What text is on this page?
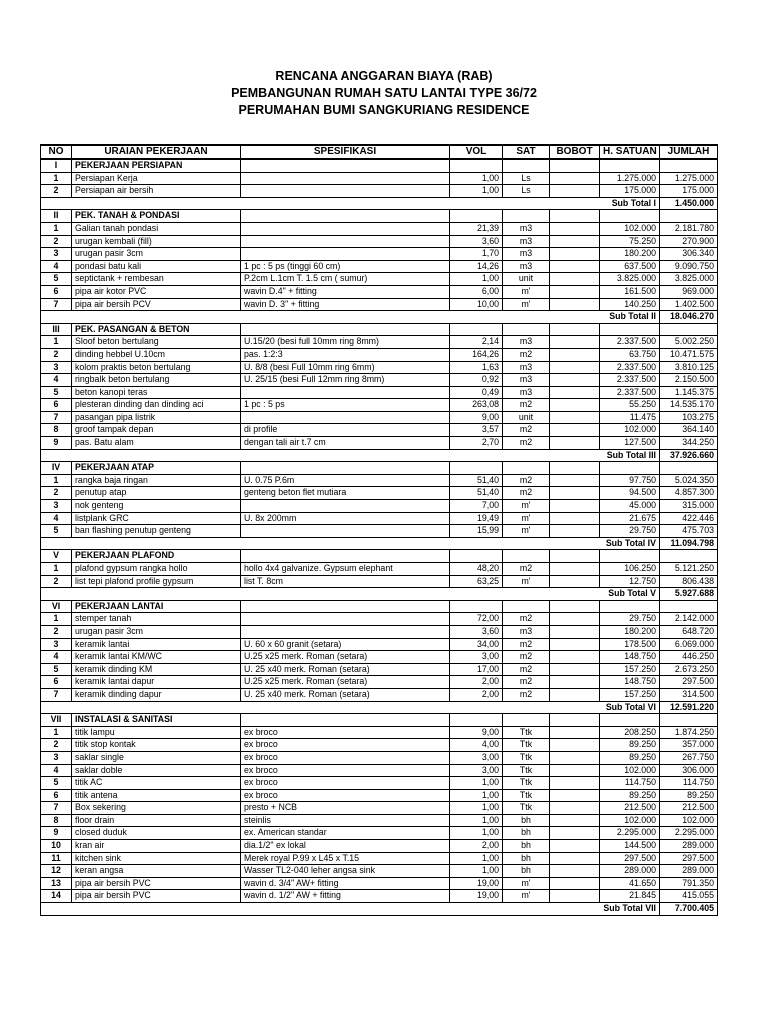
RENCANA ANGGARAN BIAYA (RAB)
PEMBANGUNAN RUMAH SATU LANTAI TYPE 36/72
PERUMAHAN BUMI SANGKURIANG RESIDENCE
NO	URAIAN PEKERJAAN	SPESIFIKASI	VOL	SAT	BOBOT	H. SATUAN	JUMLAH
I	PEKERJAAN PERSIAPAN						
1	Persiapan Kerja		1,00	Ls		1.275.000	1.275.000
2	Persiapan air bersih		1,00	Ls		175.000	175.000
						Sub Total I	1.450.000
II	PEK. TANAH & PONDASI						
1	Galian tanah pondasi		21,39	m3		102.000	2.181.780
2	urugan kembali (fill)		3,60	m3		75.250	270.900
3	urugan pasir 3cm		1,70	m3		180.200	306.340
4	pondasi batu kali	1 pc : 5 ps (tinggi 60 cm)	14,26	m3		637.500	9.090.750
5	septictank + rembesan	P.2cm L.1cm T. 1.5 cm ( sumur)	1,00	unit		3.825.000	3.825.000
6	pipa air kotor PVC	wavin D.4" + fitting	6,00	m'		161.500	969.000
7	pipa air bersih PCV	wavin D. 3" + fitting	10,00	m'		140.250	1.402.500
						Sub Total II	18.046.270
III	PEK. PASANGAN & BETON						
1	Sloof beton bertulang	U.15/20 (besi full 10mm ring 8mm)	2,14	m3		2.337.500	5.002.250
2	dinding hebbel U.10cm	pas. 1:2:3	164,26	m2		63.750	10.471.575
3	kolom praktis beton bertulang	U. 8/8 (besi Full 10mm ring 6mm)	1,63	m3		2.337.500	3.810.125
4	ringbalk beton bertulang	U. 25/15 (besi Full 12mm ring 8mm)	0,92	m3		2.337.500	2.150.500
5	beton kanopi teras		0,49	m3		2.337.500	1.145.375
6	plesteran dinding dan dinding aci	1 pc : 5 ps	263,08	m2		55.250	14.535.170
7	pasangan pipa listrik		9,00	unit		11.475	103.275
8	groof tampak depan	di profile	3,57	m2		102.000	364.140
9	pas. Batu alam	dengan tali air t.7 cm	2,70	m2		127.500	344.250
						Sub Total III	37.926.660
IV	PEKERJAAN ATAP						
1	rangka baja ringan	U. 0.75 P.6m	51,40	m2		97.750	5.024.350
2	penutup atap	genteng beton flet mutiara	51,40	m2		94.500	4.857.300
3	nok genteng		7,00	m'		45.000	315.000
4	listplank GRC	U. 8x 200mm	19,49	m'		21.675	422.446
5	ban flashing penutup genteng		15,99	m'		29.750	475.703
						Sub Total IV	11.094.798
V	PEKERJAAN PLAFOND						
1	plafond gypsum rangka hollo	hollo 4x4 galvanize. Gypsum elephant	48,20	m2		106.250	5.121.250
2	list tepi plafond profile gypsum	list T. 8cm	63,25	m'		12.750	806.438
						Sub Total V	5.927.688
VI	PEKERJAAN LANTAI						
1	stemper tanah		72,00	m2		29.750	2.142.000
2	urugan pasir 3cm		3,60	m3		180.200	648.720
3	keramik lantai	U. 60 x 60 granit (setara)	34,00	m2		178.500	6.069.000
4	keramik lantai KM/WC	U.25 x25 merk. Roman (setara)	3,00	m2		148.750	446.250
5	keramik dinding KM	U. 25 x40 merk. Roman (setara)	17,00	m2		157.250	2.673.250
6	keramik lantai dapur	U.25 x25 merk. Roman (setara)	2,00	m2		148.750	297.500
7	keramik dinding dapur	U. 25 x40 merk. Roman (setara)	2,00	m2		157.250	314.500
						Sub Total VI	12.591.220
VII	INSTALASI & SANITASI						
1	titik lampu	ex broco	9,00	Ttk		208.250	1.874.250
2	titik stop kontak	ex broco	4,00	Ttk		89.250	357.000
3	saklar single	ex broco	3,00	Ttk		89.250	267.750
4	saklar doble	ex broco	3,00	Ttk		102.000	306.000
5	titik AC	ex broco	1,00	Ttk		114.750	114.750
6	titik antena	ex broco	1,00	Ttk		89.250	89.250
7	Box sekering	presto + NCB	1,00	Ttk		212.500	212.500
8	floor drain	steinlis	1,00	bh		102.000	102.000
9	closed duduk	ex. American standar	1,00	bh		2.295.000	2.295.000
10	kran air	dia.1/2" ex lokal	2,00	bh		144.500	289.000
11	kitchen sink	Merek royal P.99 x L45 x T.15	1,00	bh		297.500	297.500
12	keran angsa	Wasser TL2-040 leher angsa sink	1,00	bh		289.000	289.000
13	pipa air bersih PVC	wavin d. 3/4" AW+ fitting	19,00	m'		41.650	791.350
14	pipa air bersih PVC	wavin d. 1/2" AW + fitting	19,00	m'		21.845	415.055
						Sub Total VII	7.700.405
